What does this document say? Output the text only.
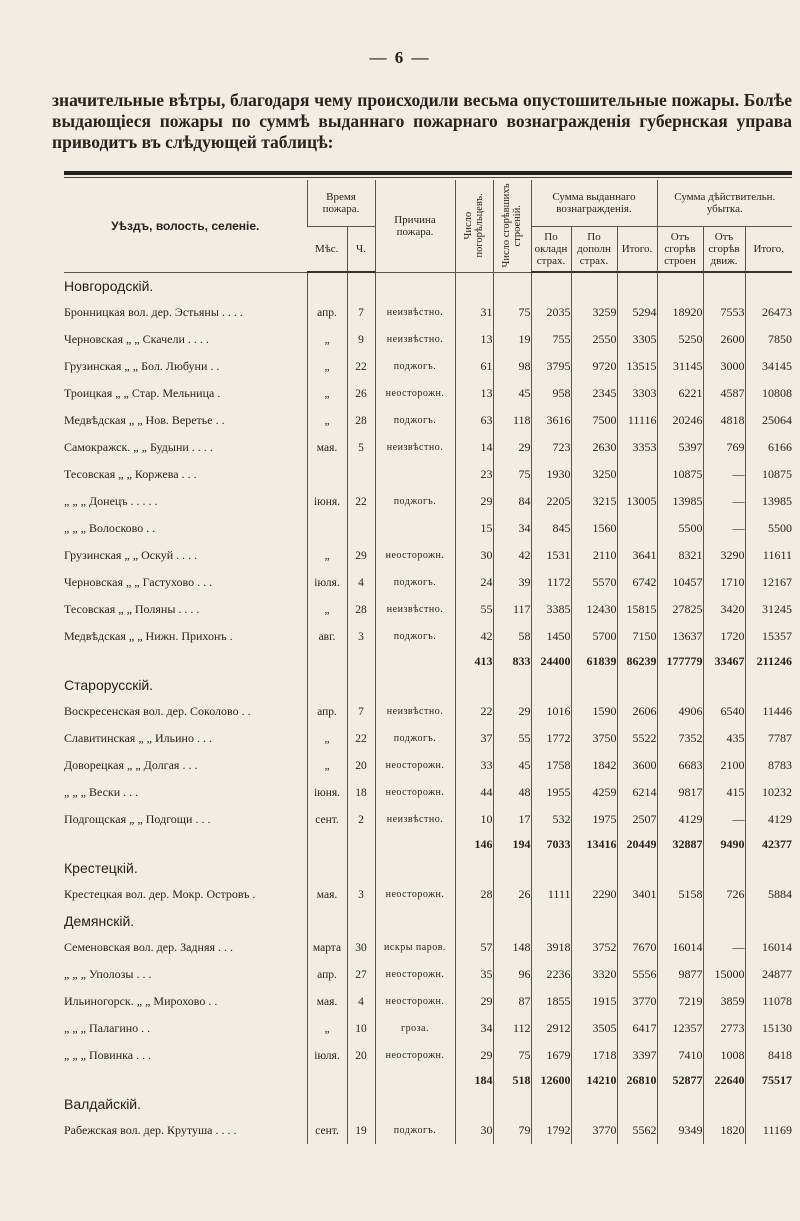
— 6 —
значительные вѣтры, благодаря чему происходили весьма опустошительные пожары. Болѣе выдающіеся пожары по суммѣ выданнаго пожарнаго вознагражденія губернская управа приводитъ въ слѣдующей таблицѣ:
Уѣздъ, волость, селеніе.	Время пожара.		Причина пожара.	Число погорѣльцевъ.	Число сгорѣвшихъ строеній.	Сумма выданнаго вознагражденія.			Сумма дѣйствительн. убытка.		
	Мѣс.	Ч.				По окладн страх.	По дополн страх.	Итого.	Отъ сгорѣв строен	Отъ сгорѣв движ.	Итого.
Новгородскій.											
Бронницкая вол. дер. Эстьяны . . . .	апр.	7	неизвѣстно.	31	75	2035	3259	5294	18920	7553	26473
Черновская „ „ Скачели . . . .	„	9	неизвѣстно.	13	19	755	2550	3305	5250	2600	7850
Грузинская „ „ Бол. Любуни . .	„	22	поджогъ.	61	98	3795	9720	13515	31145	3000	34145
Троицкая „ „ Стар. Мельница .	„	26	неосторожн.	13	45	958	2345	3303	6221	4587	10808
Медвѣдская „ „ Нов. Веретье . .	„	28	поджогъ.	63	118	3616	7500	11116	20246	4818	25064
Самокражск. „ „ Будыни . . . .	мая.	5	неизвѣстно.	14	29	723	2630	3353	5397	769	6166
Тесовская „ „ Коржева . . .				23	75	1930	3250		10875	—	10875
„ „ „ Донецъ . . . . .	іюня.	22	поджогъ.	29	84	2205	3215	13005	13985	—	13985
„ „ „ Волосково . .				15	34	845	1560		5500	—	5500
Грузинская „ „ Оскуй . . . .	„	29	неосторожн.	30	42	1531	2110	3641	8321	3290	11611
Черновская „ „ Гастухово . . .	іюля.	4	поджогъ.	24	39	1172	5570	6742	10457	1710	12167
Тесовская „ „ Поляны . . . .	„	28	неизвѣстно.	55	117	3385	12430	15815	27825	3420	31245
Медвѣдская „ „ Нижн. Прихонъ .	авг.	3	поджогъ.	42	58	1450	5700	7150	13637	1720	15357
				413	833	24400	61839	86239	177779	33467	211246
Старорусскій.											
Воскресенская вол. дер. Соколово . .	апр.	7	неизвѣстно.	22	29	1016	1590	2606	4906	6540	11446
Славитинская „ „ Ильино . . .	„	22	поджогъ.	37	55	1772	3750	5522	7352	435	7787
Доворецкая „ „ Долгая . . .	„	20	неосторожн.	33	45	1758	1842	3600	6683	2100	8783
„ „ „ Вески . . .	іюня.	18	неосторожн.	44	48	1955	4259	6214	9817	415	10232
Подгощская „ „ Подгощи . . .	сент.	2	неизвѣстно.	10	17	532	1975	2507	4129	—	4129
				146	194	7033	13416	20449	32887	9490	42377
Крестецкій.											
Крестецкая вол. дер. Мокр. Островъ .	мая.	3	неосторожн.	28	26	1111	2290	3401	5158	726	5884
Демянскій.											
Семеновская вол. дер. Задняя . . .	марта	30	искры паров.	57	148	3918	3752	7670	16014	—	16014
„ „ „ Уполозы . . .	апр.	27	неосторожн.	35	96	2236	3320	5556	9877	15000	24877
Ильиногорск. „ „ Мирохово . .	мая.	4	неосторожн.	29	87	1855	1915	3770	7219	3859	11078
„ „ „ Палагино . .	„	10	гроза.	34	112	2912	3505	6417	12357	2773	15130
„ „ „ Повинка . . .	іюля.	20	неосторожн.	29	75	1679	1718	3397	7410	1008	8418
				184	518	12600	14210	26810	52877	22640	75517
Валдайскій.											
Рабежская вол. дер. Крутуша . . . .	сент.	19	поджогъ.	30	79	1792	3770	5562	9349	1820	11169
